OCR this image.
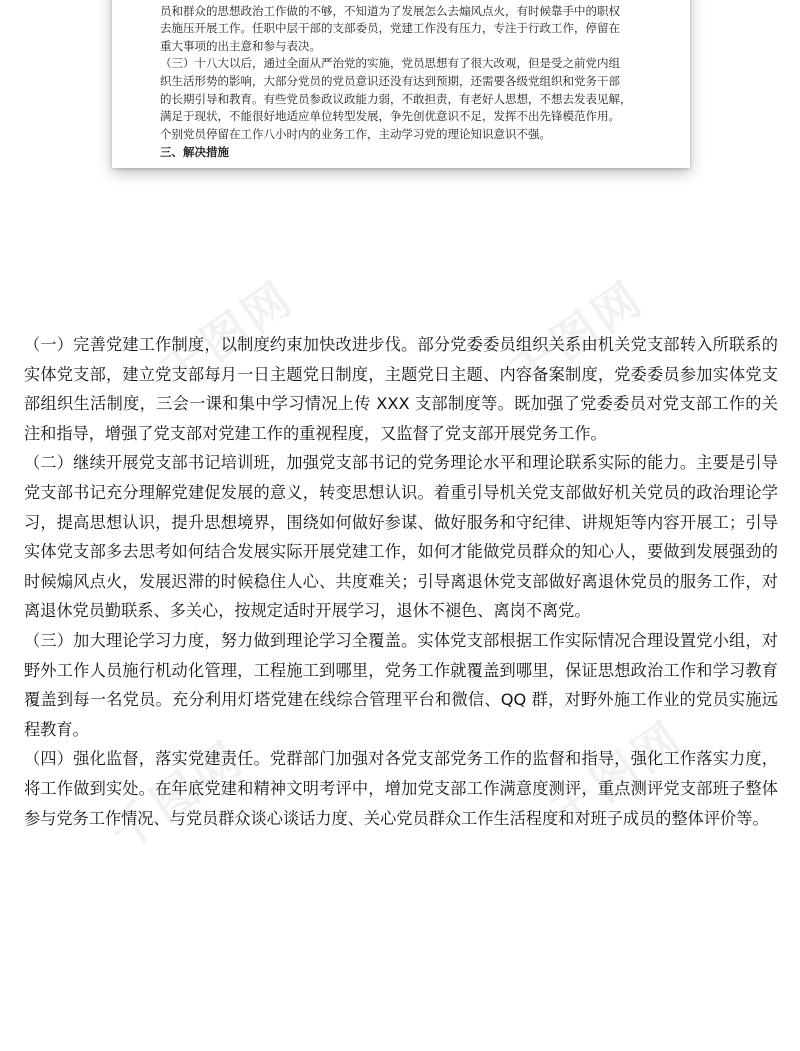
员和群众的思想政治工作做的不够，不知道为了发展怎么去煽风点火，有时候靠手中的职权

去施压开展工作。任职中层干部的支部委员，党建工作没有压力，专注于行政工作，停留在

重大事项的出主意和参与表决。

（三）十八大以后，通过全面从严治党的实施，党员思想有了很大改观，但是受之前党内组

织生活形势的影响，大部分党员的党员意识还没有达到预期，还需要各级党组织和党务干部

的长期引导和教育。有些党员参政议政能力弱，不敢担责，有老好人思想，不想去发表见解，

满足于现状，不能很好地适应单位转型发展，争先创优意识不足，发挥不出先锋模范作用。

个别党员停留在工作八小时内的业务工作，主动学习党的理论知识意识不强。

三、解决措施

千图网	千图网
千图网	千图网

（一）完善党建工作制度，以制度约束加快改进步伐。部分党委委员组织关系由机关党支部转入所联系的实体党支部，建立党支部每月一日主题党日制度，主题党日主题、内容备案制度，党委委员参加实体党支部组织生活制度，三会一课和集中学习情况上传 XXX 支部制度等。既加强了党委委员对党支部工作的关注和指导，增强了党支部对党建工作的重视程度，又监督了党支部开展党务工作。

（二）继续开展党支部书记培训班，加强党支部书记的党务理论水平和理论联系实际的能力。主要是引导党支部书记充分理解党建促发展的意义，转变思想认识。着重引导机关党支部做好机关党员的政治理论学习，提高思想认识，提升思想境界，围绕如何做好参谋、做好服务和守纪律、讲规矩等内容开展工；引导实体党支部多去思考如何结合发展实际开展党建工作，如何才能做党员群众的知心人，要做到发展强劲的时候煽风点火，发展迟滞的时候稳住人心、共度难关；引导离退休党支部做好离退休党员的服务工作，对离退休党员勤联系、多关心，按规定适时开展学习，退休不褪色、离岗不离党。

（三）加大理论学习力度，努力做到理论学习全覆盖。实体党支部根据工作实际情况合理设置党小组，对野外工作人员施行机动化管理，工程施工到哪里，党务工作就覆盖到哪里，保证思想政治工作和学习教育覆盖到每一名党员。充分利用灯塔党建在线综合管理平台和微信、QQ 群，对野外施工作业的党员实施远程教育。

（四）强化监督，落实党建责任。党群部门加强对各党支部党务工作的监督和指导，强化工作落实力度，将工作做到实处。在年底党建和精神文明考评中，增加党支部工作满意度测评，重点测评党支部班子整体参与党务工作情况、与党员群众谈心谈话力度、关心党员群众工作生活程度和对班子成员的整体评价等。
